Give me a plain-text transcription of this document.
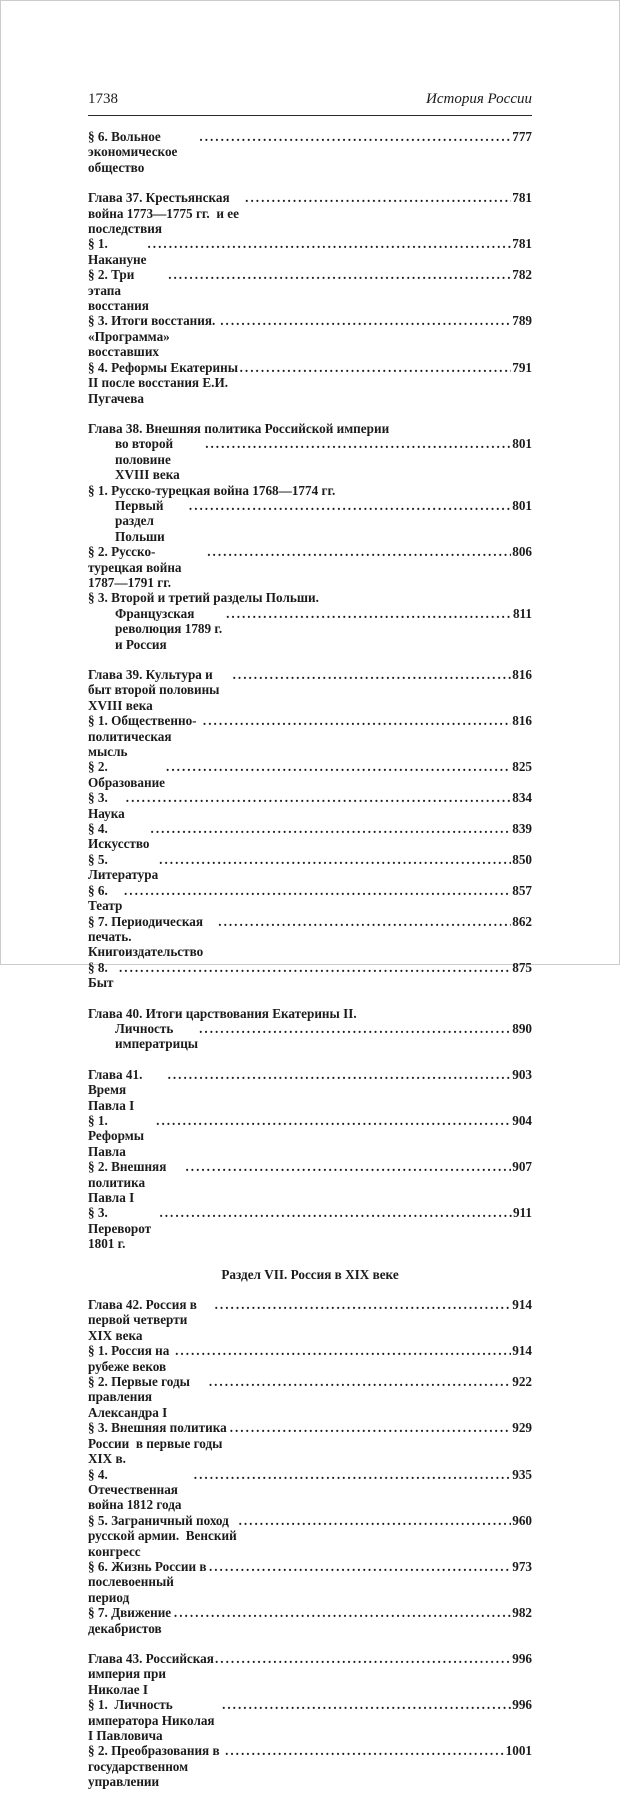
1738	История России
§ 6. Вольное экономическое общество
.....
777
Глава 37. Крестьянская война 1773—1775 гг.  и ее последствия
.....
781
§ 1. Накануне
.....
781
§ 2. Три этапа восстания
.....
782
§ 3. Итоги восстания. «Программа» восставших
.....
789
§ 4. Реформы Екатерины II после восстания Е.И. Пугачева
.....
791
Глава 38. Внешняя политика Российской империи
во второй половине XVIII века
.....
801
§ 1. Русско-турецкая война 1768—1774 гг.
Первый раздел Польши
.....
801
§ 2. Русско-турецкая война 1787—1791 гг.
.....
806
§ 3. Второй и третий разделы Польши.
Французская революция 1789 г. и Россия
.....
811
Глава 39. Культура и быт второй половины XVIII века
.....
816
§ 1. Общественно-политическая мысль
.....
816
§ 2. Образование
.....
825
§ 3. Наука
.....
834
§ 4. Искусство
.....
839
§ 5. Литература
.....
850
§ 6. Театр
.....
857
§ 7. Периодическая печать. Книгоиздательство
.....
862
§ 8. Быт
.....
875
Глава 40. Итоги царствования Екатерины II.
Личность императрицы
.....
890
Глава 41. Время Павла I
.....
903
§ 1. Реформы Павла
.....
904
§ 2. Внешняя политика Павла I
.....
907
§ 3. Переворот 1801 г.
.....
911
Раздел VII. Россия в XIX веке
Глава 42. Россия в первой четверти XIX века
.....
914
§ 1. Россия на рубеже веков
.....
914
§ 2. Первые годы правления Александра I
.....
922
§ 3. Внешняя политика России  в первые годы XIX в.
.....
929
§ 4. Отечественная война 1812 года
.....
935
§ 5. Заграничный поход русской армии.  Венский конгресс
.....
960
§ 6. Жизнь России в послевоенный период
.....
973
§ 7. Движение декабристов
.....
982
Глава 43. Российская империя при Николае I
.....
996
§ 1.  Личность императора Николая I Павловича
.....
996
§ 2. Преобразования в государственном управлении
.....
1001
